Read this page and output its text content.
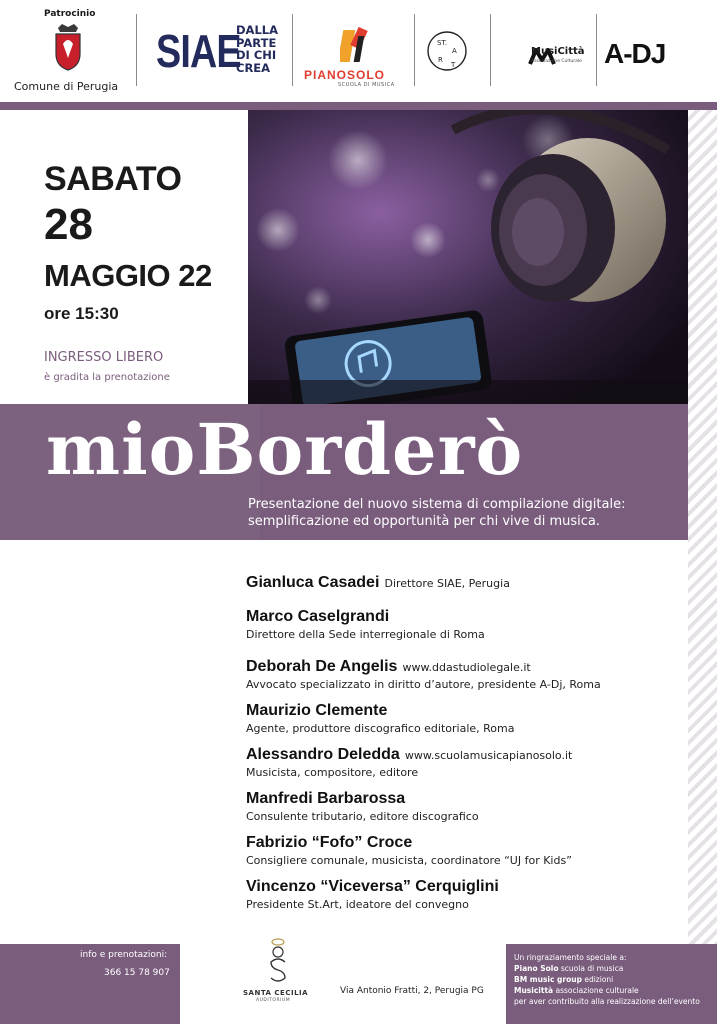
Patrocinio
Comune di Perugia
SIAE
DALLA
PARTE
DI CHI
CREA
PIANOSOLO
SCUOLA DI MUSICA
ST.
A
R
T
MusiCittà
Associazione Culturale A-DJ
SABATO
28
MAGGIO 22
ore 15:30
INGRESSO LIBERO
è gradita la prenotazione
mioBorderò
Presentazione del nuovo sistema di compilazione digitale:
semplificazione ed opportunità per chi vive di musica.
Gianluca Casadei Direttore SIAE, Perugia
Marco Caselgrandi
Direttore della Sede interregionale di Roma
Deborah De Angelis www.ddastudiolegale.it
Avvocato specializzato in diritto d’autore, presidente A-Dj, Roma
Maurizio Clemente
Agente, produttore discografico editoriale, Roma
Alessandro Deledda www.scuolamusicapianosolo.it
Musicista, compositore, editore
Manfredi Barbarossa
Consulente tributario, editore discografico
Fabrizio “Fofo” Croce
Consigliere comunale, musicista, coordinatore “UJ for Kids”
Vincenzo “Viceversa” Cerquiglini
Presidente St.Art, ideatore del convegno
info e prenotazioni:
366 15 78 907
SANTA CECILIA
AUDITORIUM
Via Antonio Fratti, 2, Perugia PG
Un ringraziamento speciale a:
Piano Solo scuola di musica
BM music group edizioni
Musicittà associazione culturale
per aver contribuito alla realizzazione dell’evento
